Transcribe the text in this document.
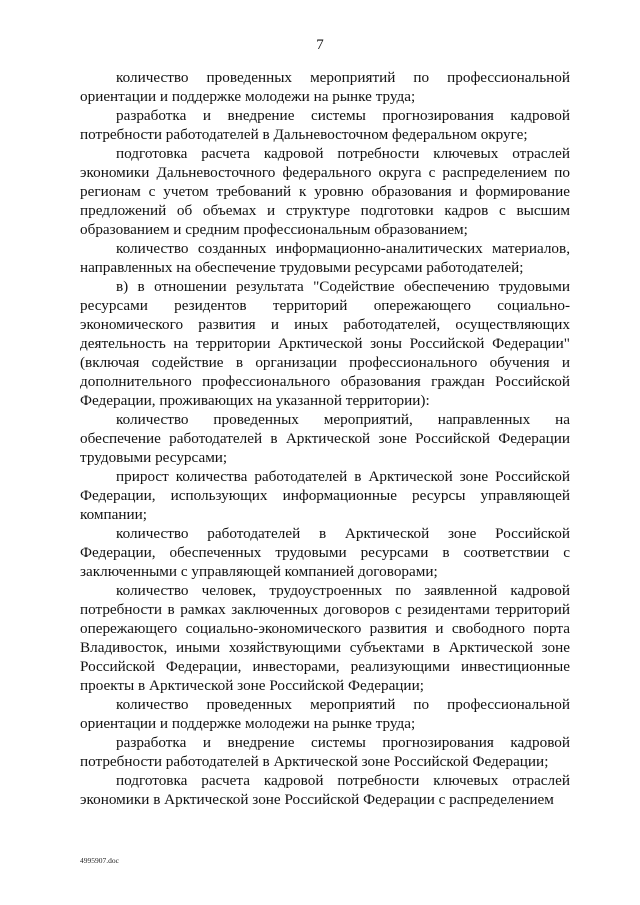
7

количество проведенных мероприятий по профессиональной ориентации и поддержке молодежи на рынке труда;

разработка и внедрение системы прогнозирования кадровой потребности работодателей в Дальневосточном федеральном округе;

подготовка расчета кадровой потребности ключевых отраслей экономики Дальневосточного федерального округа с распределением по регионам с учетом требований к уровню образования и формирование предложений об объемах и структуре подготовки кадров с высшим образованием и средним профессиональным образованием;

количество созданных информационно-аналитических материалов, направленных на обеспечение трудовыми ресурсами работодателей;

в) в отношении результата "Содействие обеспечению трудовыми ресурсами резидентов территорий опережающего социально-экономического развития и иных работодателей, осуществляющих деятельность на территории Арктической зоны Российской Федерации" (включая содействие в организации профессионального обучения и дополнительного профессионального образования граждан Российской Федерации, проживающих на указанной территории):

количество проведенных мероприятий, направленных на обеспечение работодателей в Арктической зоне Российской Федерации трудовыми ресурсами;

прирост количества работодателей в Арктической зоне Российской Федерации, использующих информационные ресурсы управляющей компании;

количество работодателей в Арктической зоне Российской Федерации, обеспеченных трудовыми ресурсами в соответствии с заключенными с управляющей компанией договорами;

количество человек, трудоустроенных по заявленной кадровой потребности в рамках заключенных договоров с резидентами территорий опережающего социально-экономического развития и свободного порта Владивосток, иными хозяйствующими субъектами в Арктической зоне Российской Федерации, инвесторами, реализующими инвестиционные проекты в Арктической зоне Российской Федерации;

количество проведенных мероприятий по профессиональной ориентации и поддержке молодежи на рынке труда;

разработка и внедрение системы прогнозирования кадровой потребности работодателей в Арктической зоне Российской Федерации;

подготовка расчета кадровой потребности ключевых отраслей экономики в Арктической зоне Российской Федерации с распределением

4995907.doc
